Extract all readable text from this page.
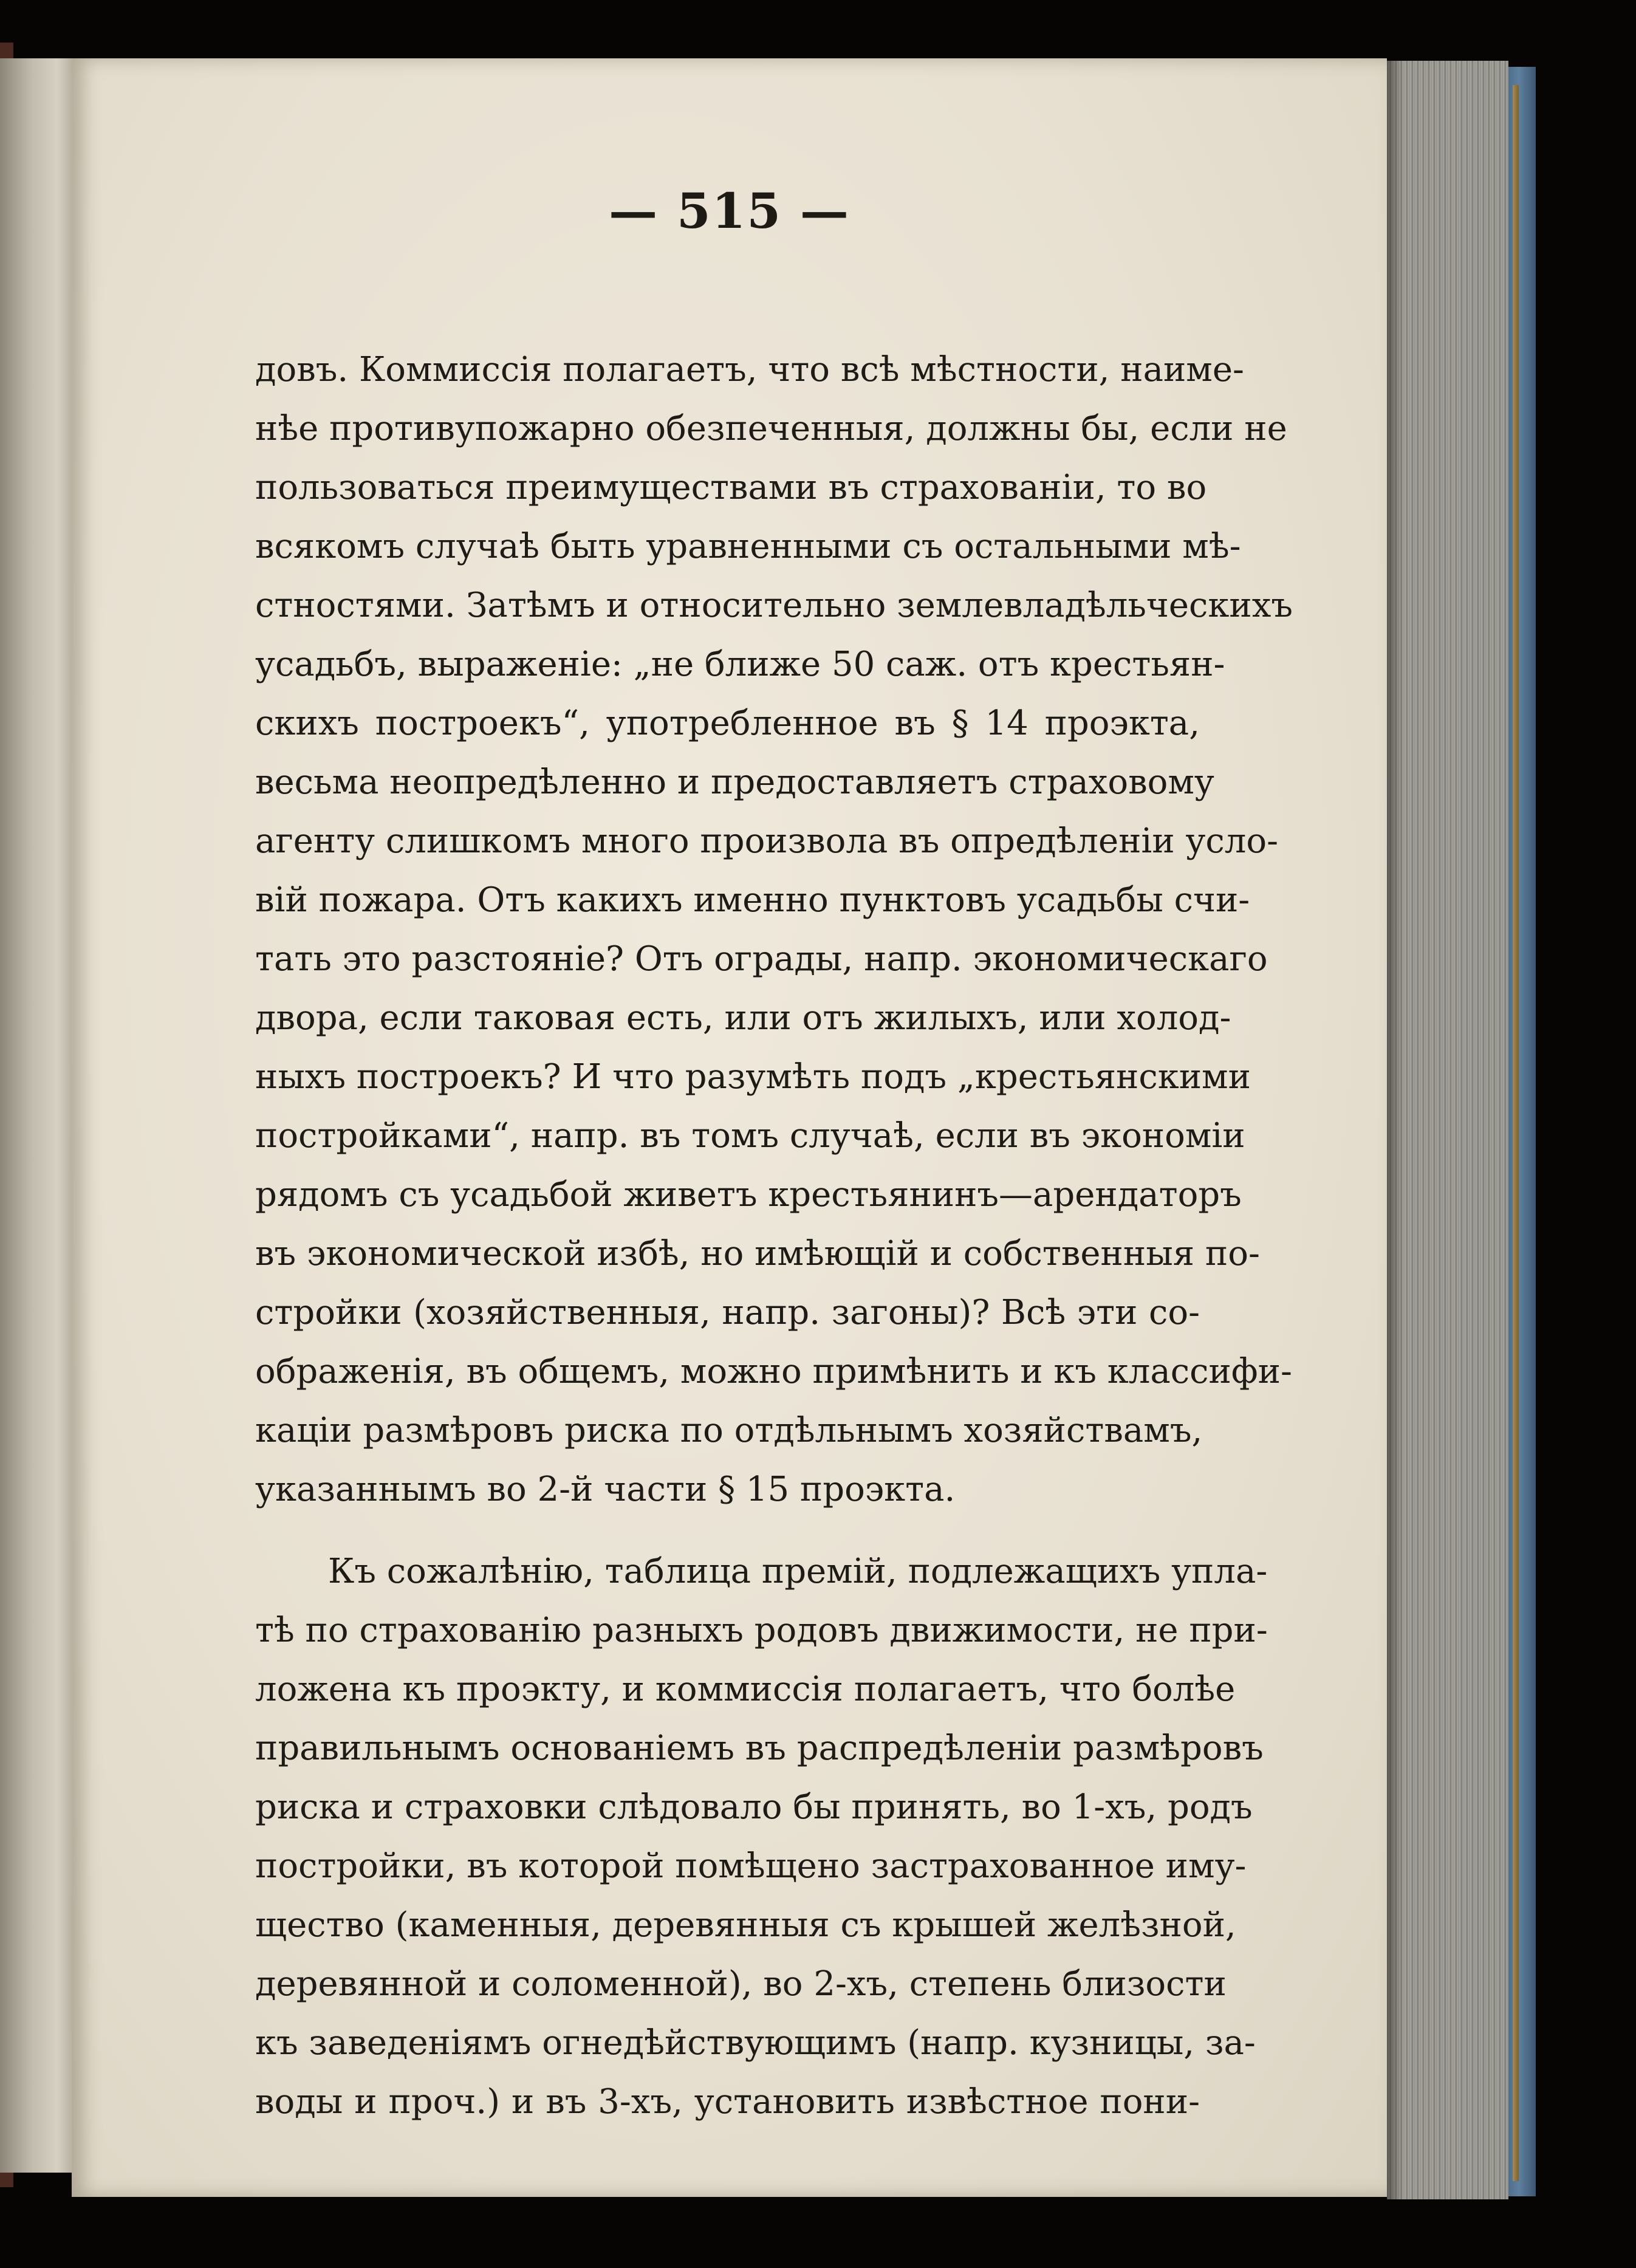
— 515 —
довъ. Коммиссія полагаетъ, что всѣ мѣстности, наиме-
нѣе противупожарно обезпеченныя, должны бы, если не
пользоваться преимуществами въ страхованіи, то во
всякомъ случаѣ быть уравненными съ остальными мѣ-
стностями. Затѣмъ и относительно землевладѣльческихъ
усадьбъ, выраженіе: „не ближе 50 саж. отъ крестьян-
скихъ построекъ“, употребленное въ § 14 проэкта,
весьма неопредѣленно и предоставляетъ страховому
агенту слишкомъ много произвола въ опредѣленіи усло-
вій пожара. Отъ какихъ именно пунктовъ усадьбы счи-
тать это разстояніе? Отъ ограды, напр. экономическаго
двора, если таковая есть, или отъ жилыхъ, или холод-
ныхъ построекъ? И что разумѣть подъ „крестьянскими
постройками“, напр. въ томъ случаѣ, если въ экономіи
рядомъ съ усадьбой живетъ крестьянинъ—арендаторъ
въ экономической избѣ, но имѣющій и собственныя по-
стройки (хозяйственныя, напр. загоны)? Всѣ эти со-
ображенія, въ общемъ, можно примѣнить и къ классифи-
каціи размѣровъ риска по отдѣльнымъ хозяйствамъ,
указаннымъ во 2-й части § 15 проэкта.
Къ сожалѣнію, таблица премій, подлежащихъ упла-
тѣ по страхованію разныхъ родовъ движимости, не при-
ложена къ проэкту, и коммиссія полагаетъ, что болѣе
правильнымъ основаніемъ въ распредѣленіи размѣровъ
риска и страховки слѣдовало бы принять, во 1-хъ, родъ
постройки, въ которой помѣщено застрахованное иму-
щество (каменныя, деревянныя съ крышей желѣзной,
деревянной и соломенной), во 2-хъ, степень близости
къ заведеніямъ огнедѣйствующимъ (напр. кузницы, за-
воды и проч.) и въ 3-хъ, установить извѣстное пони-
